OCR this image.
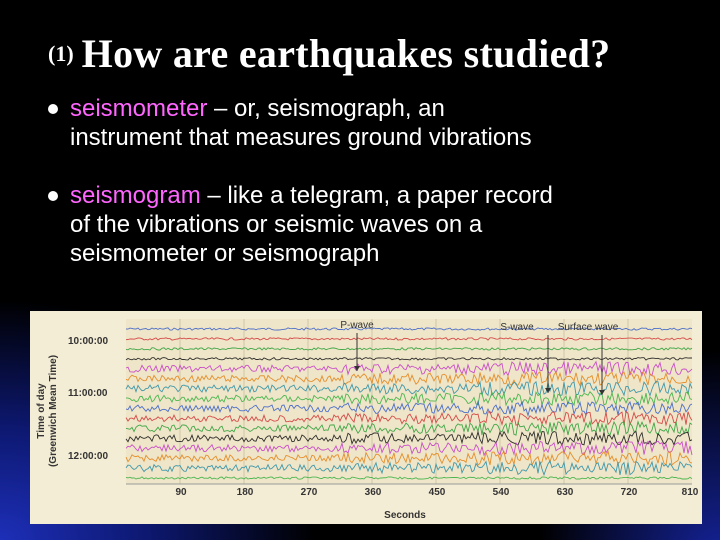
(1) How are earthquakes studied?
seismometer – or, seismograph, an
instrument that measures ground vibrations
seismogram – like a telegram, a paper record
of the vibrations or seismic waves on a
seismometer or seismograph
Time of day (Greenwich Mean Time)
10:00:00
11:00:00
12:00:00
90	180	270	360	450	540	630	720	810
Seconds
P-wave	S-wave Surface wave
